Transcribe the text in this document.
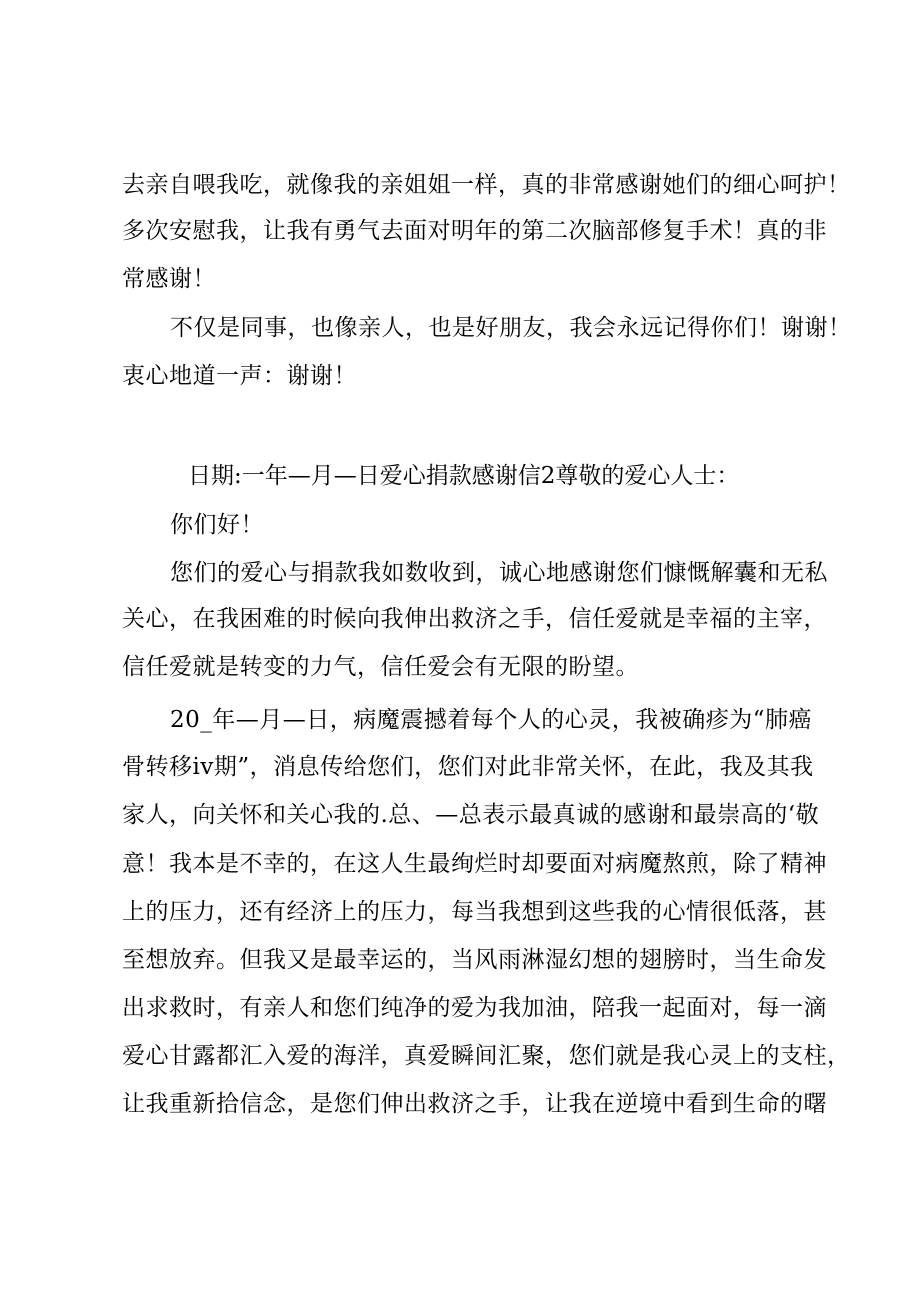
去亲自喂我吃，就像我的亲姐姐一样，真的非常感谢她们的细心呵护！
多次安慰我，让我有勇气去面对明年的第二次脑部修复手术！真的非
常感谢！
不仅是同事，也像亲人，也是好朋友，我会永远记得你们！谢谢！
衷心地道一声：谢谢！
日期:一年—月—日爱心捐款感谢信2尊敬的爱心人士：
你们好！
您们的爱心与捐款我如数收到，诚心地感谢您们慷慨解囊和无私
关心，在我困难的时候向我伸出救济之手，信任爱就是幸福的主宰，
信任爱就是转变的力气，信任爱会有无限的盼望。
20_年—月—日，病魔震撼着每个人的心灵，我被确疹为“肺癌
骨转移iv期”，消息传给您们，您们对此非常关怀，在此，我及其我
家人，向关怀和关心我的.总、—总表示最真诚的感谢和最崇高的‘敬
意！我本是不幸的，在这人生最绚烂时却要面对病魔熬煎，除了精神
上的压力，还有经济上的压力，每当我想到这些我的心情很低落，甚
至想放弃。但我又是最幸运的，当风雨淋湿幻想的翅膀时，当生命发
出求救时，有亲人和您们纯净的爱为我加油，陪我一起面对，每一滴
爱心甘露都汇入爱的海洋，真爱瞬间汇聚，您们就是我心灵上的支柱，
让我重新拾信念，是您们伸出救济之手，让我在逆境中看到生命的曙
